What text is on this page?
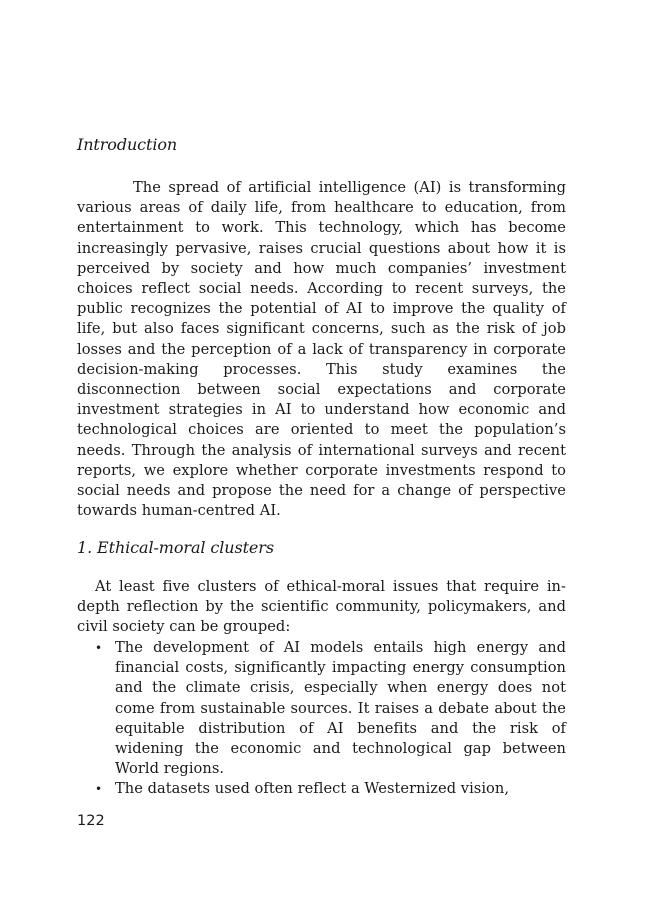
Introduction
The spread of artificial intelligence (AI) is transforming various areas of daily life, from healthcare to education, from entertainment to work. This technology, which has become increasingly pervasive, raises crucial questions about how it is perceived by society and how much companies’ investment choices reflect social needs. According to recent surveys, the public recognizes the potential of AI to improve the quality of life, but also faces significant concerns, such as the risk of job losses and the perception of a lack of transparency in corporate decision-making processes. This study examines the disconnection between social expectations and corporate investment strategies in AI to understand how economic and technological choices are oriented to meet the population’s needs. Through the analysis of international surveys and recent reports, we explore whether corporate investments respond to social needs and propose the need for a change of perspective towards human-centred AI.
1. Ethical-moral clusters
At least five clusters of ethical-moral issues that require in-depth reflection by the scientific community, policymakers, and civil society can be grouped:
• The development of AI models entails high energy and financial costs, significantly impacting energy consumption and the climate crisis, especially when energy does not come from sustainable sources. It raises a debate about the equitable distribution of AI benefits and the risk of widening the economic and technological gap between World regions.
• The datasets used often reflect a Westernized vision,
122
